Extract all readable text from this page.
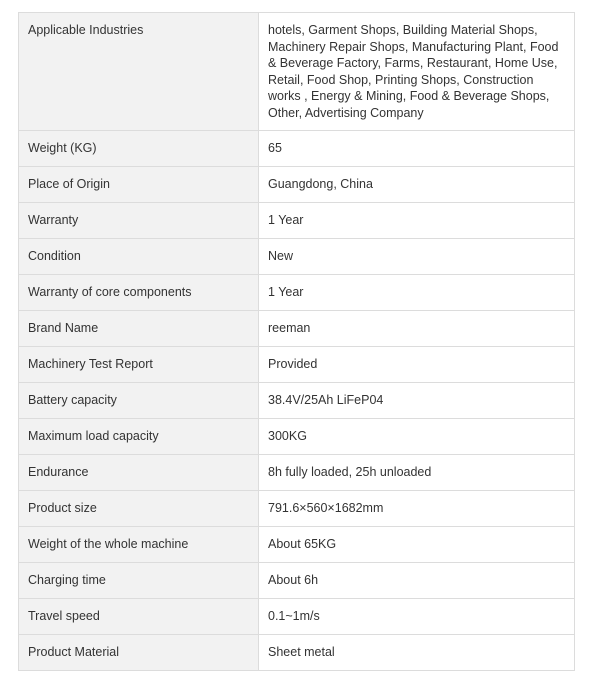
Applicable Industries	hotels, Garment Shops, Building Material Shops, Machinery Repair Shops, Manufacturing Plant, Food & Beverage Factory, Farms, Restaurant, Home Use, Retail, Food Shop, Printing Shops, Construction works , Energy & Mining, Food & Beverage Shops, Other, Advertising Company
Weight (KG)	65
Place of Origin	Guangdong, China
Warranty	1 Year
Condition	New
Warranty of core components	1 Year
Brand Name	reeman
Machinery Test Report	Provided
Battery capacity	38.4V/25Ah LiFeP04
Maximum load capacity	300KG
Endurance	8h fully loaded, 25h unloaded
Product size	791.6×560×1682mm
Weight of the whole machine	About 65KG
Charging time	About 6h
Travel speed	0.1~1m/s
Product Material	Sheet metal
